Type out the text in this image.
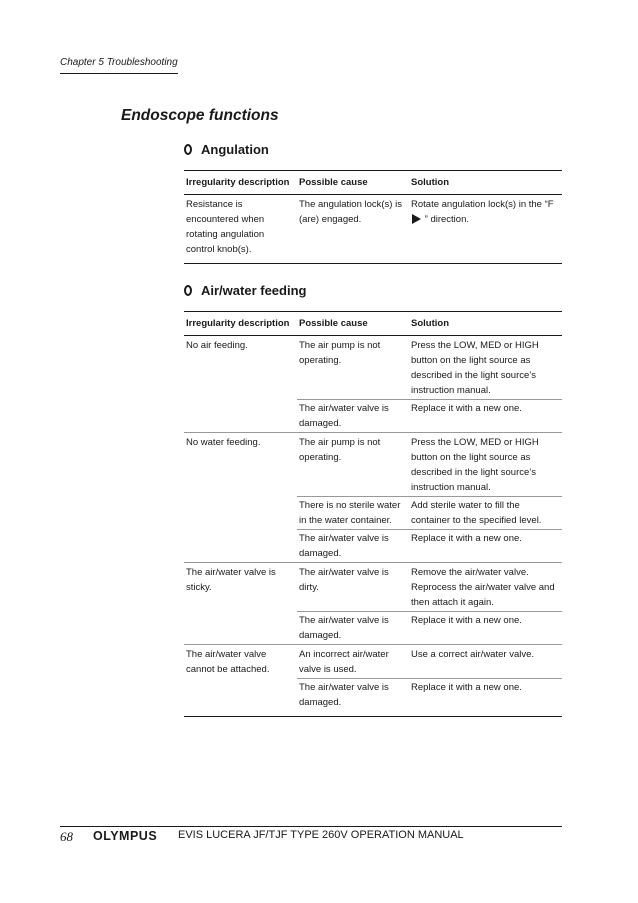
Chapter 5 Troubleshooting
Endoscope functions
Angulation
Irregularity description	Possible cause	Solution
Resistance is encountered when rotating angulation control knob(s).	The angulation lock(s) is (are) engaged.	Rotate angulation lock(s) in the “F ” direction.
Air/water feeding
Irregularity description	Possible cause	Solution
No air feeding.	The air pump is not operating.	Press the LOW, MED or HIGH button on the light source as described in the light source’s instruction manual.
	The air/water valve is damaged.	Replace it with a new one.
No water feeding.	The air pump is not operating.	Press the LOW, MED or HIGH button on the light source as described in the light source’s instruction manual.
	There is no sterile water in the water container.	Add sterile water to fill the container to the specified level.
	The air/water valve is damaged.	Replace it with a new one.
The air/water valve is sticky.	The air/water valve is dirty.	Remove the air/water valve. Reprocess the air/water valve and then attach it again.
	The air/water valve is damaged.	Replace it with a new one.
The air/water valve cannot be attached.	An incorrect air/water valve is used.	Use a correct air/water valve.
	The air/water valve is damaged.	Replace it with a new one.
68 OLYMPUS EVIS LUCERA JF/TJF TYPE 260V OPERATION MANUAL
